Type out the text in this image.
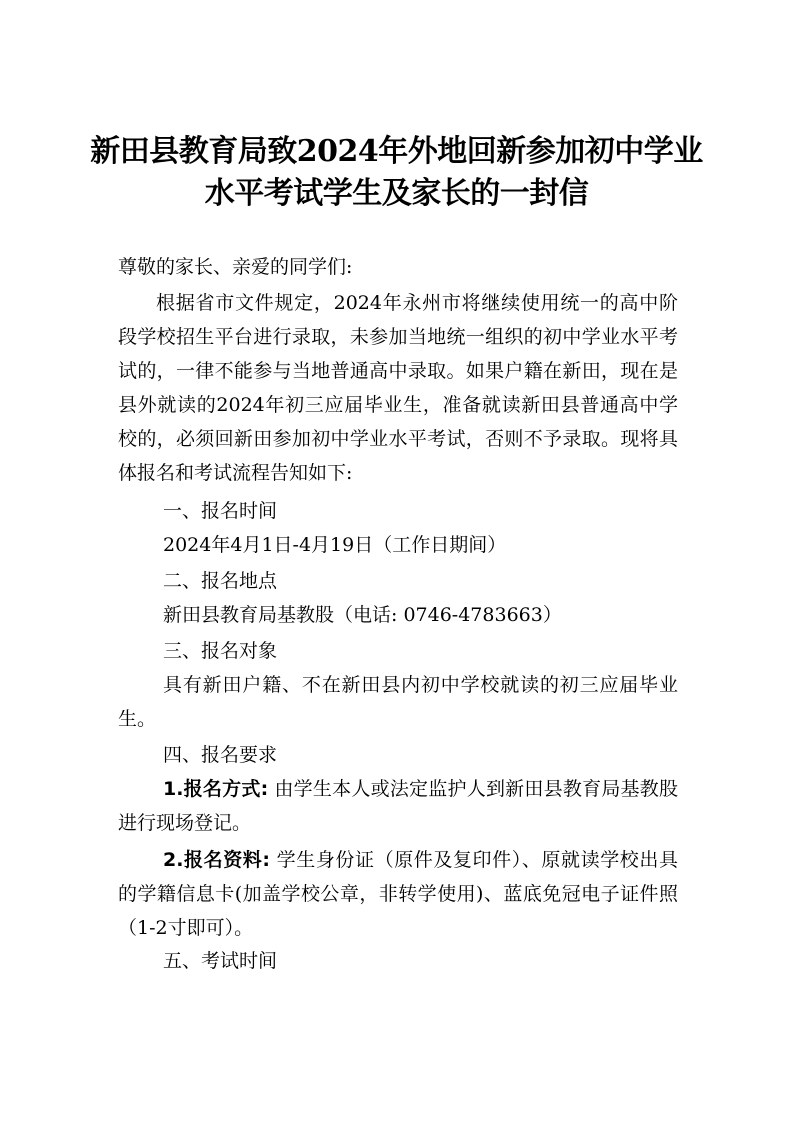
新田县教育局致2024年外地回新参加初中学业
水平考试学生及家长的一封信

尊敬的家长、亲爱的同学们:

根据省市文件规定，2024年永州市将继续使用统一的高中阶段学校招生平台进行录取，未参加当地统一组织的初中学业水平考试的，一律不能参与当地普通高中录取。如果户籍在新田，现在是县外就读的2024年初三应届毕业生，准备就读新田县普通高中学校的，必须回新田参加初中学业水平考试，否则不予录取。现将具体报名和考试流程告知如下:

一、报名时间

2024年4月1日-4月19日（工作日期间）

二、报名地点

新田县教育局基教股（电话: 0746-4783663）

三、报名对象

具有新田户籍、不在新田县内初中学校就读的初三应届毕业生。

四、报名要求

1.报名方式: 由学生本人或法定监护人到新田县教育局基教股进行现场登记。

2.报名资料: 学生身份证（原件及复印件）、原就读学校出具的学籍信息卡(加盖学校公章，非转学使用)、蓝底免冠电子证件照（1-2寸即可）。

五、考试时间
